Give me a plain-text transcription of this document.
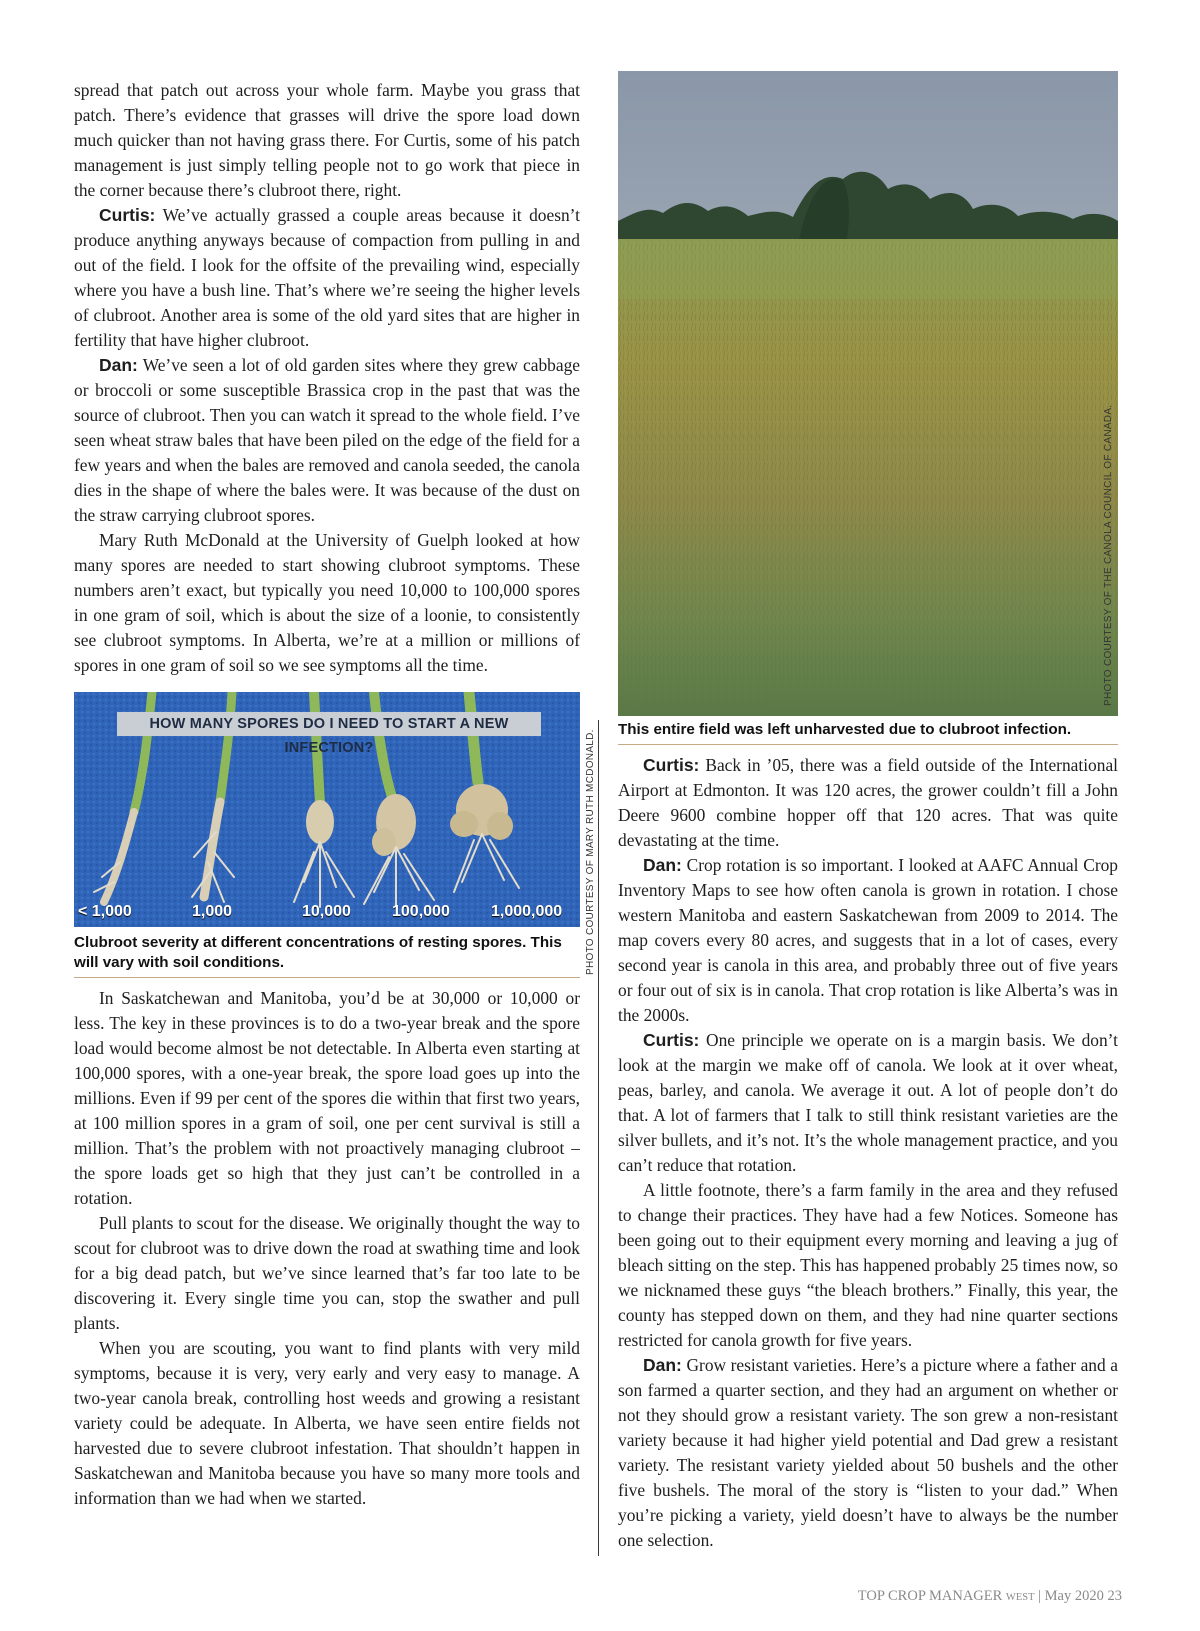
spread that patch out across your whole farm. Maybe you grass that patch. There’s evidence that grasses will drive the spore load down much quicker than not having grass there. For Curtis, some of his patch management is just simply telling people not to go work that piece in the corner because there’s clubroot there, right.

Curtis: We’ve actually grassed a couple areas because it doesn’t produce anything anyways because of compaction from pulling in and out of the field. I look for the offsite of the prevailing wind, especially where you have a bush line. That’s where we’re seeing the higher levels of clubroot. Another area is some of the old yard sites that are higher in fertility that have higher clubroot.

Dan: We’ve seen a lot of old garden sites where they grew cabbage or broccoli or some susceptible Brassica crop in the past that was the source of clubroot. Then you can watch it spread to the whole field. I’ve seen wheat straw bales that have been piled on the edge of the field for a few years and when the bales are removed and canola seeded, the canola dies in the shape of where the bales were. It was because of the dust on the straw carrying clubroot spores.

Mary Ruth McDonald at the University of Guelph looked at how many spores are needed to start showing clubroot symptoms. These numbers aren’t exact, but typically you need 10,000 to 100,000 spores in one gram of soil, which is about the size of a loonie, to consistently see clubroot symptoms. In Alberta, we’re at a million or millions of spores in one gram of soil so we see symptoms all the time.

HOW MANY SPORES DO I NEED TO START A NEW INFECTION?
< 1,000	1,000	10,000	100,000	1,000,000
Clubroot severity at different concentrations of resting spores. This will vary with soil conditions.

In Saskatchewan and Manitoba, you’d be at 30,000 or 10,000 or less. The key in these provinces is to do a two-year break and the spore load would become almost be not detectable. In Alberta even starting at 100,000 spores, with a one-year break, the spore load goes up into the millions. Even if 99 per cent of the spores die within that first two years, at 100 million spores in a gram of soil, one per cent survival is still a million. That’s the problem with not proactively managing clubroot – the spore loads get so high that they just can’t be controlled in a rotation.

Pull plants to scout for the disease. We originally thought the way to scout for clubroot was to drive down the road at swathing time and look for a big dead patch, but we’ve since learned that’s far too late to be discovering it. Every single time you can, stop the swather and pull plants.

When you are scouting, you want to find plants with very mild symptoms, because it is very, very early and very easy to manage. A two-year canola break, controlling host weeds and growing a resistant variety could be adequate. In Alberta, we have seen entire fields not harvested due to severe clubroot infestation. That shouldn’t happen in Saskatchewan and Manitoba because you have so many more tools and information than we had when we started.

PHOTO COURTESY OF MARY RUTH MCDONALD.
PHOTO COURTESY OF THE CANOLA COUNCIL OF CANADA.
This entire field was left unharvested due to clubroot infection.

Curtis: Back in ’05, there was a field outside of the International Airport at Edmonton. It was 120 acres, the grower couldn’t fill a John Deere 9600 combine hopper off that 120 acres. That was quite devastating at the time.

Dan: Crop rotation is so important. I looked at AAFC Annual Crop Inventory Maps to see how often canola is grown in rotation. I chose western Manitoba and eastern Saskatchewan from 2009 to 2014. The map covers every 80 acres, and suggests that in a lot of cases, every second year is canola in this area, and probably three out of five years or four out of six is in canola. That crop rotation is like Alberta’s was in the 2000s.

Curtis: One principle we operate on is a margin basis. We don’t look at the margin we make off of canola. We look at it over wheat, peas, barley, and canola. We average it out. A lot of people don’t do that. A lot of farmers that I talk to still think resistant varieties are the silver bullets, and it’s not. It’s the whole management practice, and you can’t reduce that rotation.

A little footnote, there’s a farm family in the area and they refused to change their practices. They have had a few Notices. Someone has been going out to their equipment every morning and leaving a jug of bleach sitting on the step. This has happened probably 25 times now, so we nicknamed these guys “the bleach brothers.” Finally, this year, the county has stepped down on them, and they had nine quarter sections restricted for canola growth for five years.

Dan: Grow resistant varieties. Here’s a picture where a father and a son farmed a quarter section, and they had an argument on whether or not they should grow a resistant variety. The son grew a non-resistant variety because it had higher yield potential and Dad grew a resistant variety. The resistant variety yielded about 50 bushels and the other five bushels. The moral of the story is “listen to your dad.” When you’re picking a variety, yield doesn’t have to always be the number one selection.

TOP CROP MANAGER WEST | May 2020 23
